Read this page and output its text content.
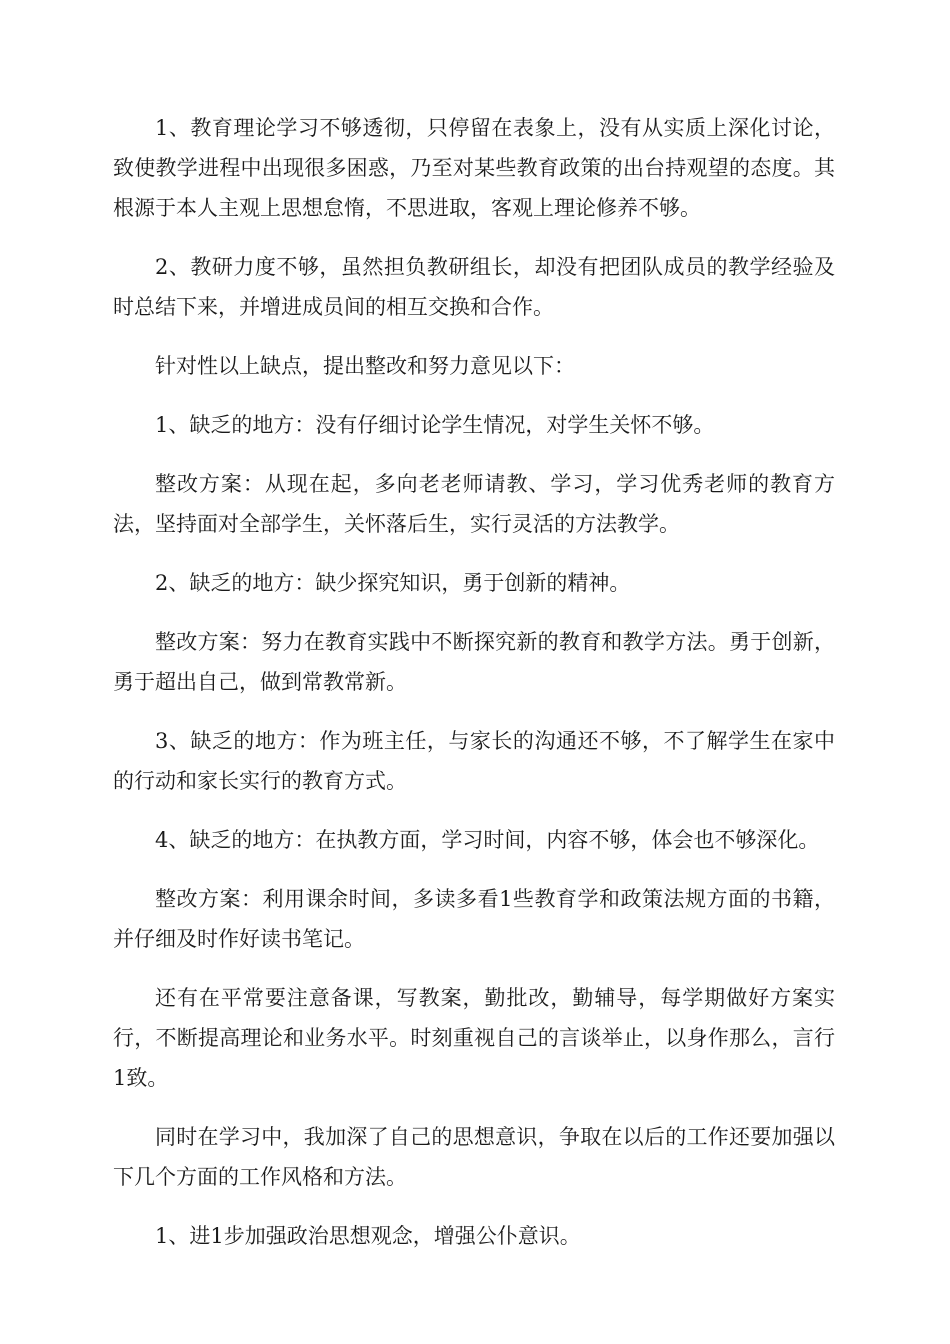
1、教育理论学习不够透彻，只停留在表象上，没有从实质上深化讨论，致使教学进程中出现很多困惑，乃至对某些教育政策的出台持观望的态度。其根源于本人主观上思想怠惰，不思进取，客观上理论修养不够。

2、教研力度不够，虽然担负教研组长，却没有把团队成员的教学经验及时总结下来，并增进成员间的相互交换和合作。

针对性以上缺点，提出整改和努力意见以下：

1、缺乏的地方：没有仔细讨论学生情况，对学生关怀不够。

整改方案：从现在起，多向老老师请教、学习，学习优秀老师的教育方法，坚持面对全部学生，关怀落后生，实行灵活的方法教学。

2、缺乏的地方：缺少探究知识，勇于创新的精神。

整改方案：努力在教育实践中不断探究新的教育和教学方法。勇于创新，勇于超出自己，做到常教常新。

3、缺乏的地方：作为班主任，与家长的沟通还不够，不了解学生在家中的行动和家长实行的教育方式。

4、缺乏的地方：在执教方面，学习时间，内容不够，体会也不够深化。

整改方案：利用课余时间，多读多看1些教育学和政策法规方面的书籍，并仔细及时作好读书笔记。

还有在平常要注意备课，写教案，勤批改，勤辅导，每学期做好方案实行，不断提高理论和业务水平。时刻重视自己的言谈举止，以身作那么，言行1致。

同时在学习中，我加深了自己的思想意识，争取在以后的工作还要加强以下几个方面的工作风格和方法。

1、进1步加强政治思想观念，增强公仆意识。
